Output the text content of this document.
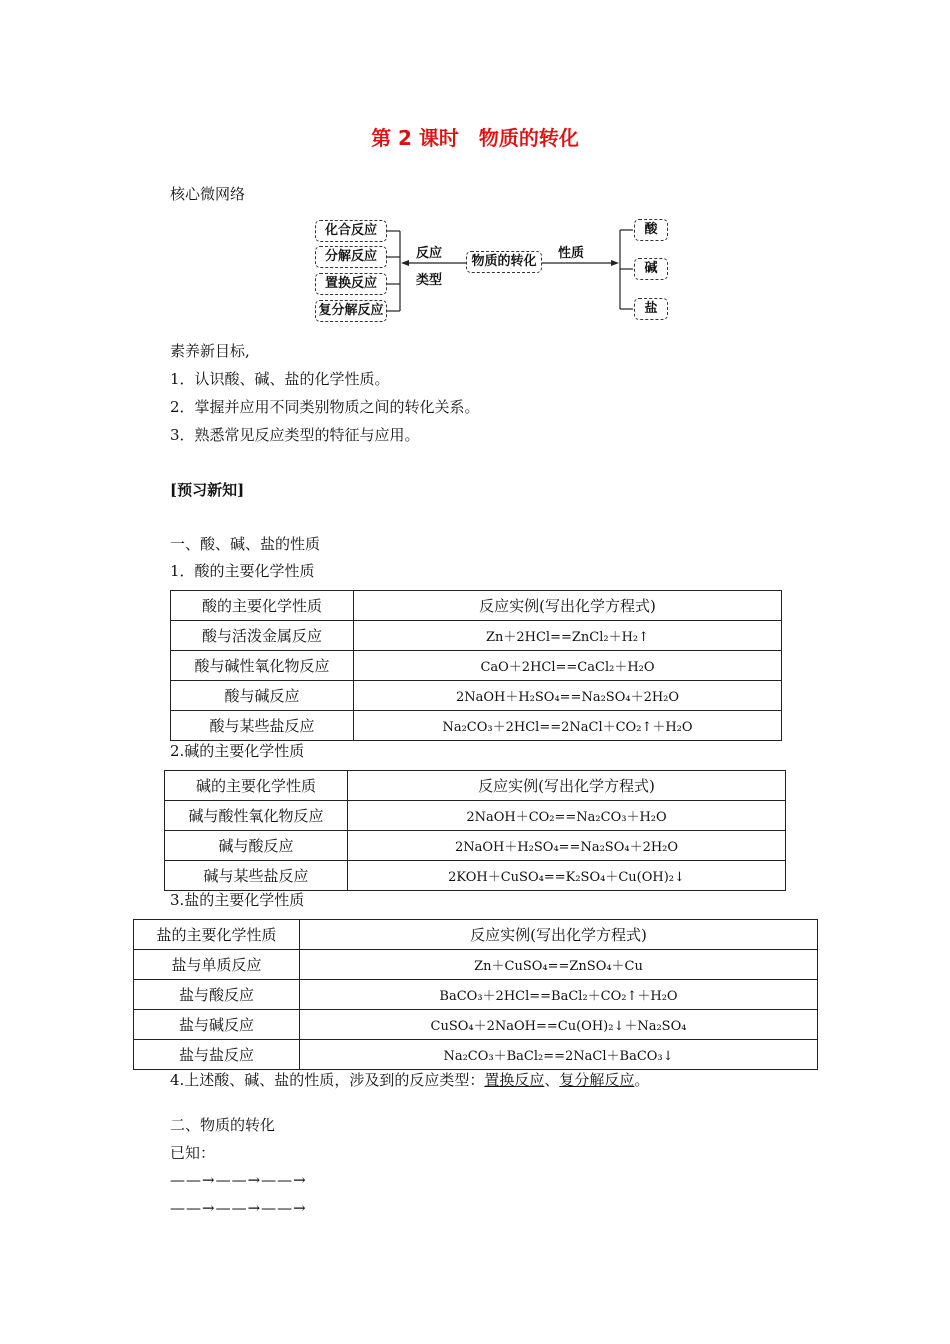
第 2 课时　物质的转化
核心微网络
化合反应
分解反应
置换反应
复分解反应
反应
类型
物质的转化
性质
酸
碱
盐
素养新目标,
1．认识酸、碱、盐的化学性质。
2．掌握并应用不同类别物质之间的转化关系。
3．熟悉常见反应类型的特征与应用。
[预习新知]
一、酸、碱、盐的性质
1．酸的主要化学性质
酸的主要化学性质	反应实例(写出化学方程式)
酸与活泼金属反应	Zn＋2HCl==ZnCl₂＋H₂↑
酸与碱性氧化物反应	CaO＋2HCl==CaCl₂＋H₂O
酸与碱反应	2NaOH＋H₂SO₄==Na₂SO₄＋2H₂O
酸与某些盐反应	Na₂CO₃＋2HCl==2NaCl＋CO₂↑＋H₂O
2.碱的主要化学性质
碱的主要化学性质	反应实例(写出化学方程式)
碱与酸性氧化物反应	2NaOH＋CO₂==Na₂CO₃＋H₂O
碱与酸反应	2NaOH＋H₂SO₄==Na₂SO₄＋2H₂O
碱与某些盐反应	2KOH＋CuSO₄==K₂SO₄＋Cu(OH)₂↓
3.盐的主要化学性质
盐的主要化学性质	反应实例(写出化学方程式)
盐与单质反应	Zn＋CuSO₄==ZnSO₄＋Cu
盐与酸反应	BaCO₃＋2HCl==BaCl₂＋CO₂↑＋H₂O
盐与碱反应	CuSO₄＋2NaOH==Cu(OH)₂↓＋Na₂SO₄
盐与盐反应	Na₂CO₃＋BaCl₂==2NaCl＋BaCO₃↓
4.上述酸、碱、盐的性质，涉及到的反应类型：置换反应、复分解反应。
二、物质的转化
已知：
——→——→——→
——→——→——→
